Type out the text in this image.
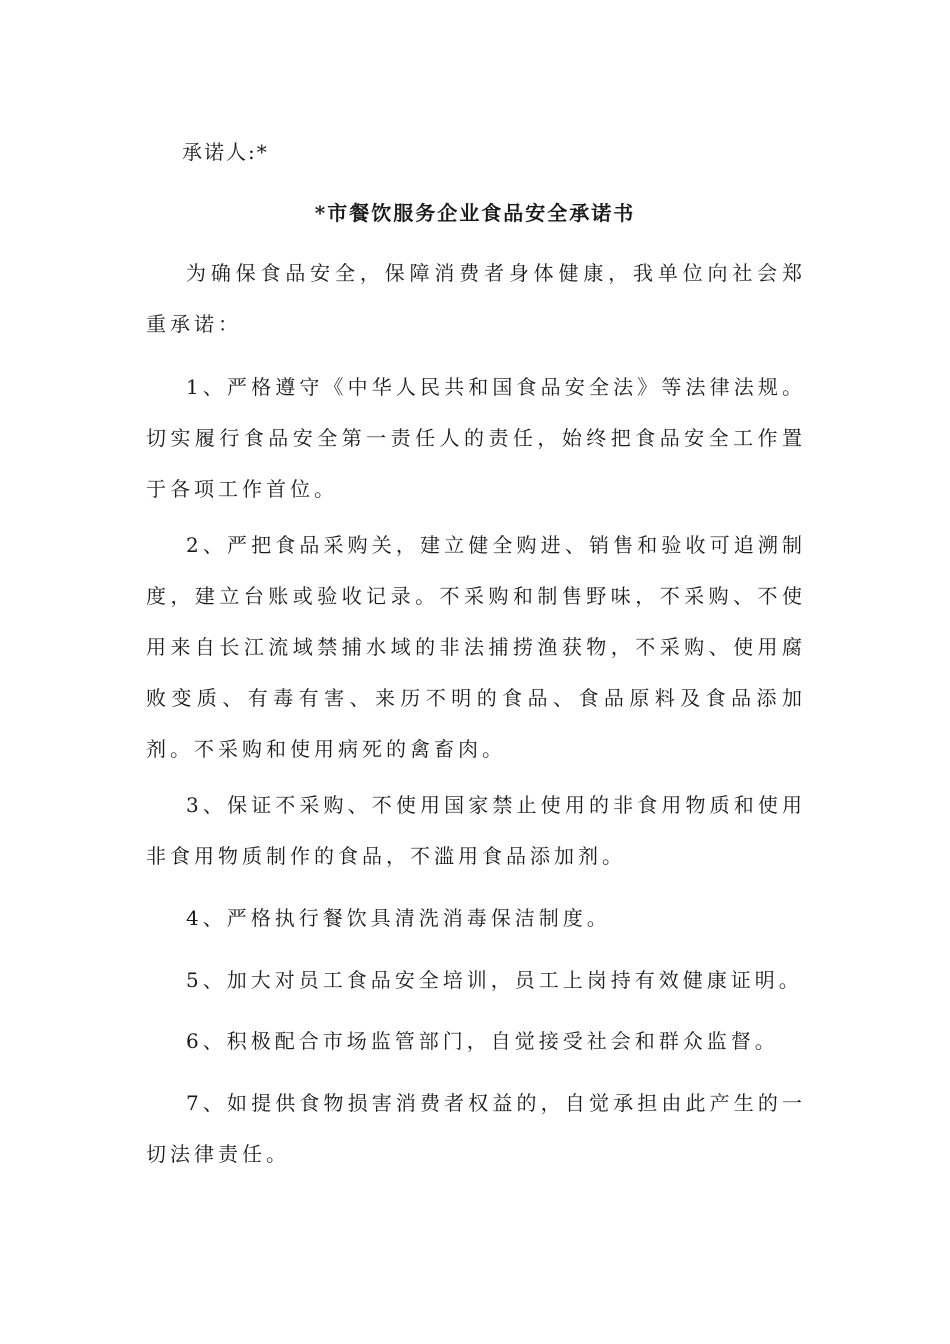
承诺人:*
*市餐饮服务企业食品安全承诺书

为确保食品安全，保障消费者身体健康，我单位向社会郑重承诺：

1、严格遵守《中华人民共和国食品安全法》等法律法规。切实履行食品安全第一责任人的责任，始终把食品安全工作置于各项工作首位。

2、严把食品采购关，建立健全购进、销售和验收可追溯制度，建立台账或验收记录。不采购和制售野味，不采购、不使用来自长江流域禁捕水域的非法捕捞渔获物，不采购、使用腐败变质、有毒有害、来历不明的食品、食品原料及食品添加剂。不采购和使用病死的禽畜肉。

3、保证不采购、不使用国家禁止使用的非食用物质和使用非食用物质制作的食品，不滥用食品添加剂。

4、严格执行餐饮具清洗消毒保洁制度。

5、加大对员工食品安全培训，员工上岗持有效健康证明。

6、积极配合市场监管部门，自觉接受社会和群众监督。

7、如提供食物损害消费者权益的，自觉承担由此产生的一切法律责任。
